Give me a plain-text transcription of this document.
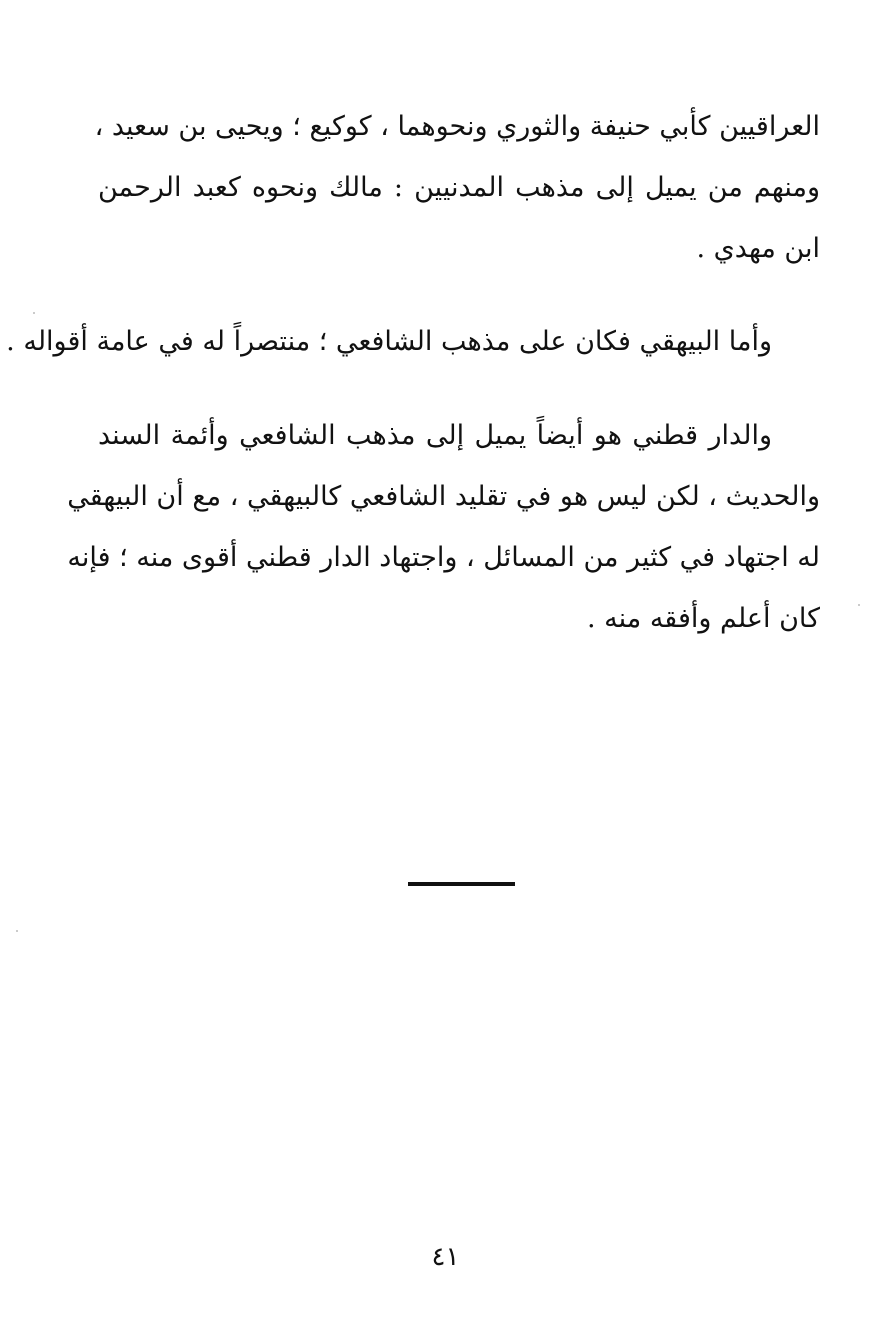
العراقيين كأبي حنيفة والثوري ونحوهما ، كوكيع ؛ ويحيى بن سعيد ،
ومنهم من يميل إلى مذهب المدنيين : مالك ونحوه كعبد الرحمن
ابن مهدي .
وأما البيهقي فكان على مذهب الشافعي ؛ منتصراً له في عامة أقواله .
والدار قطني هو أيضاً يميل إلى مذهب الشافعي وأئمة السند
والحديث ، لكن ليس هو في تقليد الشافعي كالبيهقي ، مع أن البيهقي
له اجتهاد في كثير من المسائل ، واجتهاد الدار قطني أقوى منه ؛ فإنه
كان أعلم وأفقه منه .
٤١
